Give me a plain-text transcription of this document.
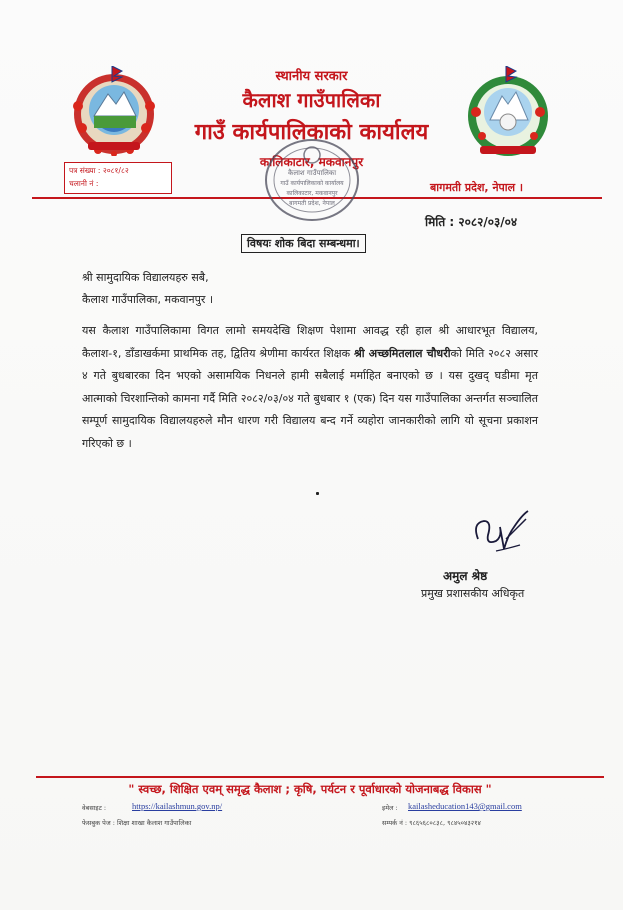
स्थानीय सरकार
कैलाश गाउँपालिका
गाउँ कार्यपालिकाको कार्यालय
कालिकाटार, मकवानपुर
पत्र संख्या : २०८१/८२
चलानी नं :	बागमती प्रदेश, नेपाल ।
कैलाश गाउँपालिका
गाउँ कार्यपालिकाको कार्यालय
कालिकाटार, मकवानपुर
बागमती प्रदेश, नेपाल
मिति : २०८२/०३/०४
विषयः शोक बिदा सम्बन्धमा।
श्री सामुदायिक विद्यालयहरु सबै,
कैलाश गाउँपालिका, मकवानपुर ।
यस कैलाश गाउँपालिकामा विगत लामो समयदेखि शिक्षण पेशामा आवद्ध रही हाल श्री आधारभूत विद्यालय, कैलाश-१, डाँडाखर्कमा प्राथमिक तह, द्वितिय श्रेणीमा कार्यरत शिक्षक श्री अच्छमितलाल चौधरीको मिति २०८२ असार ४ गते बुधबारका दिन भएको असामयिक निधनले हामी सबैलाई मर्माहित बनाएको छ । यस दुखद् घडीमा मृत आत्माको चिरशान्तिको कामना गर्दै मिति २०८२/०३/०४ गते बुधबार १ (एक) दिन यस गाउँपालिका अन्तर्गत सञ्चालित सम्पूर्ण सामुदायिक विद्यालयहरुले मौन धारण गरी विद्यालय बन्द गर्ने व्यहोरा जानकारीको लागि यो सूचना प्रकाशन गरिएको छ ।
अमुल श्रेष्ठ
प्रमुख प्रशासकीय अधिकृत
" स्वच्छ, शिक्षित एवम् समृद्ध कैलाश ; कृषि, पर्यटन र पूर्वाधारको योजनाबद्ध विकास "
वेबसाइट :	https://kailashmun.gov.np/
फेसबुक पेज : शिक्षा शाखा कैलाश गाउँपालिका
इमेल : kailasheducation143@gmail.com
सम्पर्क नं : ९८६५६८०८३८, ९८४५०४३२१४
